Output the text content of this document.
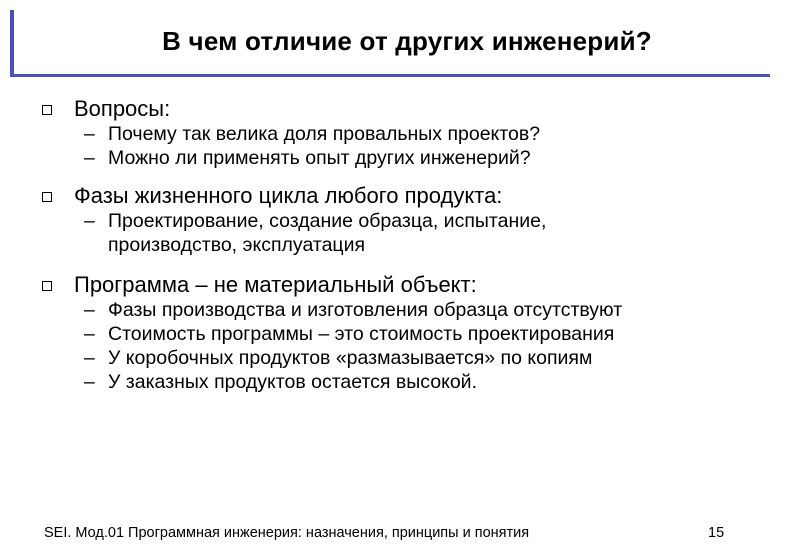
В чем отличие от других инженерий?
Вопросы:
– Почему так велика доля провальных проектов?
– Можно ли применять опыт других инженерий?
Фазы жизненного цикла любого продукта:
– Проектирование, создание образца, испытание, производство, эксплуатация
Программа – не материальный объект:
– Фазы производства и изготовления образца отсутствуют
– Стоимость программы – это стоимость проектирования
– У коробочных продуктов «размазывается» по копиям
– У заказных продуктов остается высокой.
SEI. Мод.01 Программная инженерия: назначения, принципы и понятия	15
